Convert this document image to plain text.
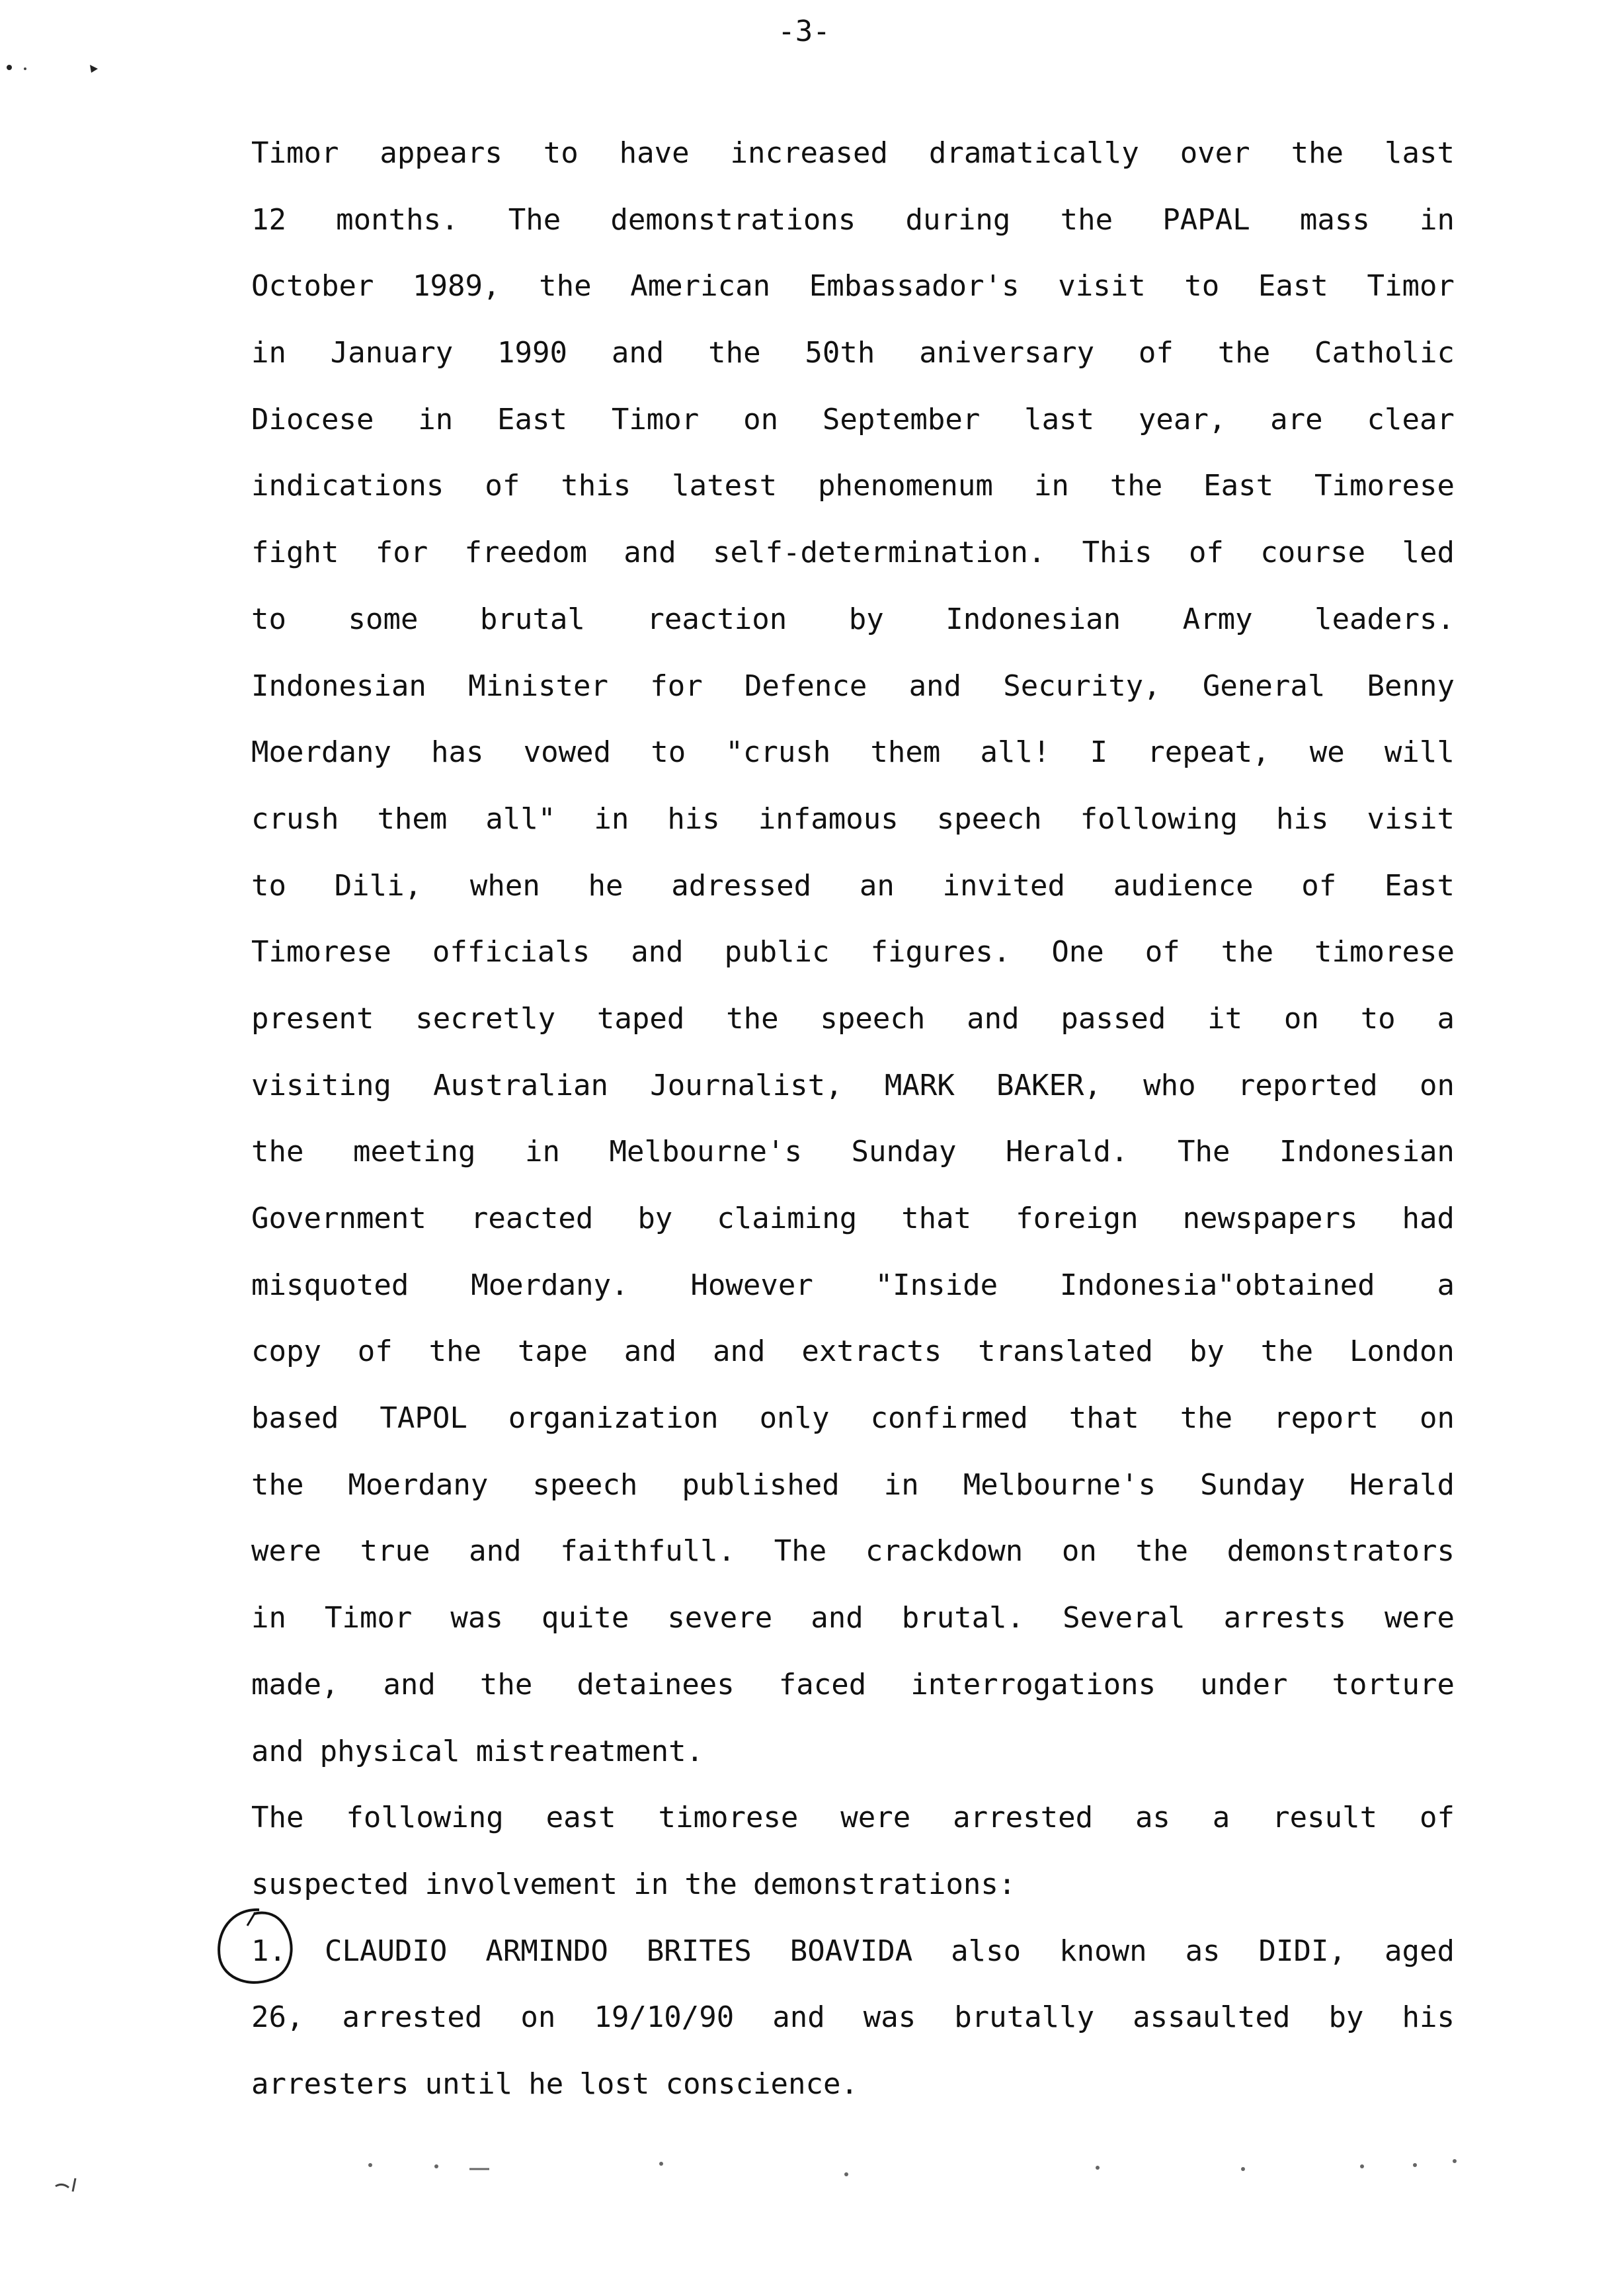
-3-
Timor appears to have increased dramatically over the last
12 months. The demonstrations during the PAPAL mass in
October 1989, the American Embassador's visit to East Timor
in January 1990 and the 50th aniversary of the Catholic
Diocese in East Timor on September last year, are clear
indications of this latest phenomenum in the East Timorese
fight for freedom and self-determination. This of course led
to some brutal reaction by Indonesian Army leaders.
Indonesian Minister for Defence and Security, General Benny
Moerdany has vowed to "crush them all! I repeat, we will
crush them all" in his infamous speech following his visit
to Dili, when he adressed an invited audience of East
Timorese officials and public figures. One of the timorese
present secretly taped the speech and passed it on to a
visiting Australian Journalist, MARK BAKER, who reported on
the meeting in Melbourne's Sunday Herald. The Indonesian
Government reacted by claiming that foreign newspapers had
misquoted Moerdany. However "Inside Indonesia"obtained a
copy of the tape and and extracts translated by the London
based TAPOL organization only confirmed that the report on
the Moerdany speech published in Melbourne's Sunday Herald
were true and faithfull. The crackdown on the demonstrators
in Timor was quite severe and brutal. Several arrests were
made, and the detainees faced interrogations under torture
and physical mistreatment.
The following east timorese were arrested as a result of
suspected involvement in the demonstrations:
1. CLAUDIO ARMINDO BRITES BOAVIDA also known as DIDI, aged
26, arrested on 19/10/90 and was brutally assaulted by his
arresters until he lost conscience.
